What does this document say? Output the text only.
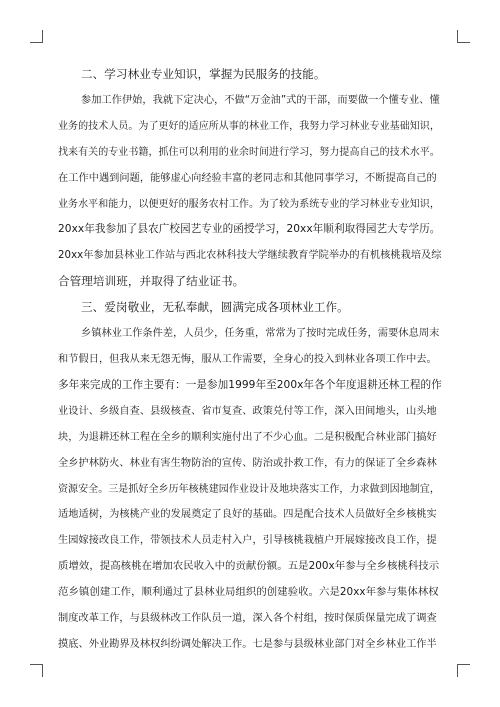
二、学习林业专业知识，掌握为民服务的技能。
参加工作伊始，我就下定决心，不做“万金油”式的干部，而要做一个懂专业、懂
业务的技术人员。为了更好的适应所从事的林业工作，我努力学习林业专业基础知识，
找来有关的专业书籍，抓住可以利用的业余时间进行学习，努力提高自己的技术水平。
在工作中遇到问题，能够虚心向经验丰富的老同志和其他同事学习，不断提高自己的
业务水平和能力，以便更好的服务农村工作。为了较为系统专业的学习林业专业知识，
20xx年我参加了县农广校园艺专业的函授学习，20xx年顺利取得园艺大专学历。
20xx年参加县林业工作站与西北农林科技大学继续教育学院举办的有机核桃栽培及综
合管理培训班，并取得了结业证书。
三、爱岗敬业，无私奉献，圆满完成各项林业工作。
乡镇林业工作条件差，人员少，任务重，常常为了按时完成任务，需要休息周末
和节假日，但我从来无怨无悔，服从工作需要，全身心的投入到林业各项工作中去。
多年来完成的工作主要有：一是参加1999年至200x年各个年度退耕还林工程的作
业设计、乡级自查、县级核查、省市复查、政策兑付等工作，深入田间地头，山头地
块，为退耕还林工程在全乡的顺利实施付出了不少心血。二是积极配合林业部门搞好
全乡护林防火、林业有害生物防治的宣传、防治或扑救工作，有力的保证了全乡森林
资源安全。三是抓好全乡历年核桃建园作业设计及地块落实工作，力求做到因地制宜，
适地适树，为核桃产业的发展奠定了良好的基础。四是配合技术人员做好全乡核桃实
生园嫁接改良工作，带领技术人员走村入户，引导核桃栽植户开展嫁接改良工作，提
质增效，提高核桃在增加农民收入中的贡献份额。五是200x年参与全乡核桃科技示
范乡镇创建工作，顺利通过了县林业局组织的创建验收。六是20xx年参与集体林权
制度改革工作，与县级林改工作队员一道，深入各个村组，按时保质保量完成了调查
摸底、外业勘界及林权纠纷调处解决工作。七是参与县级林业部门对全乡林业工作半
